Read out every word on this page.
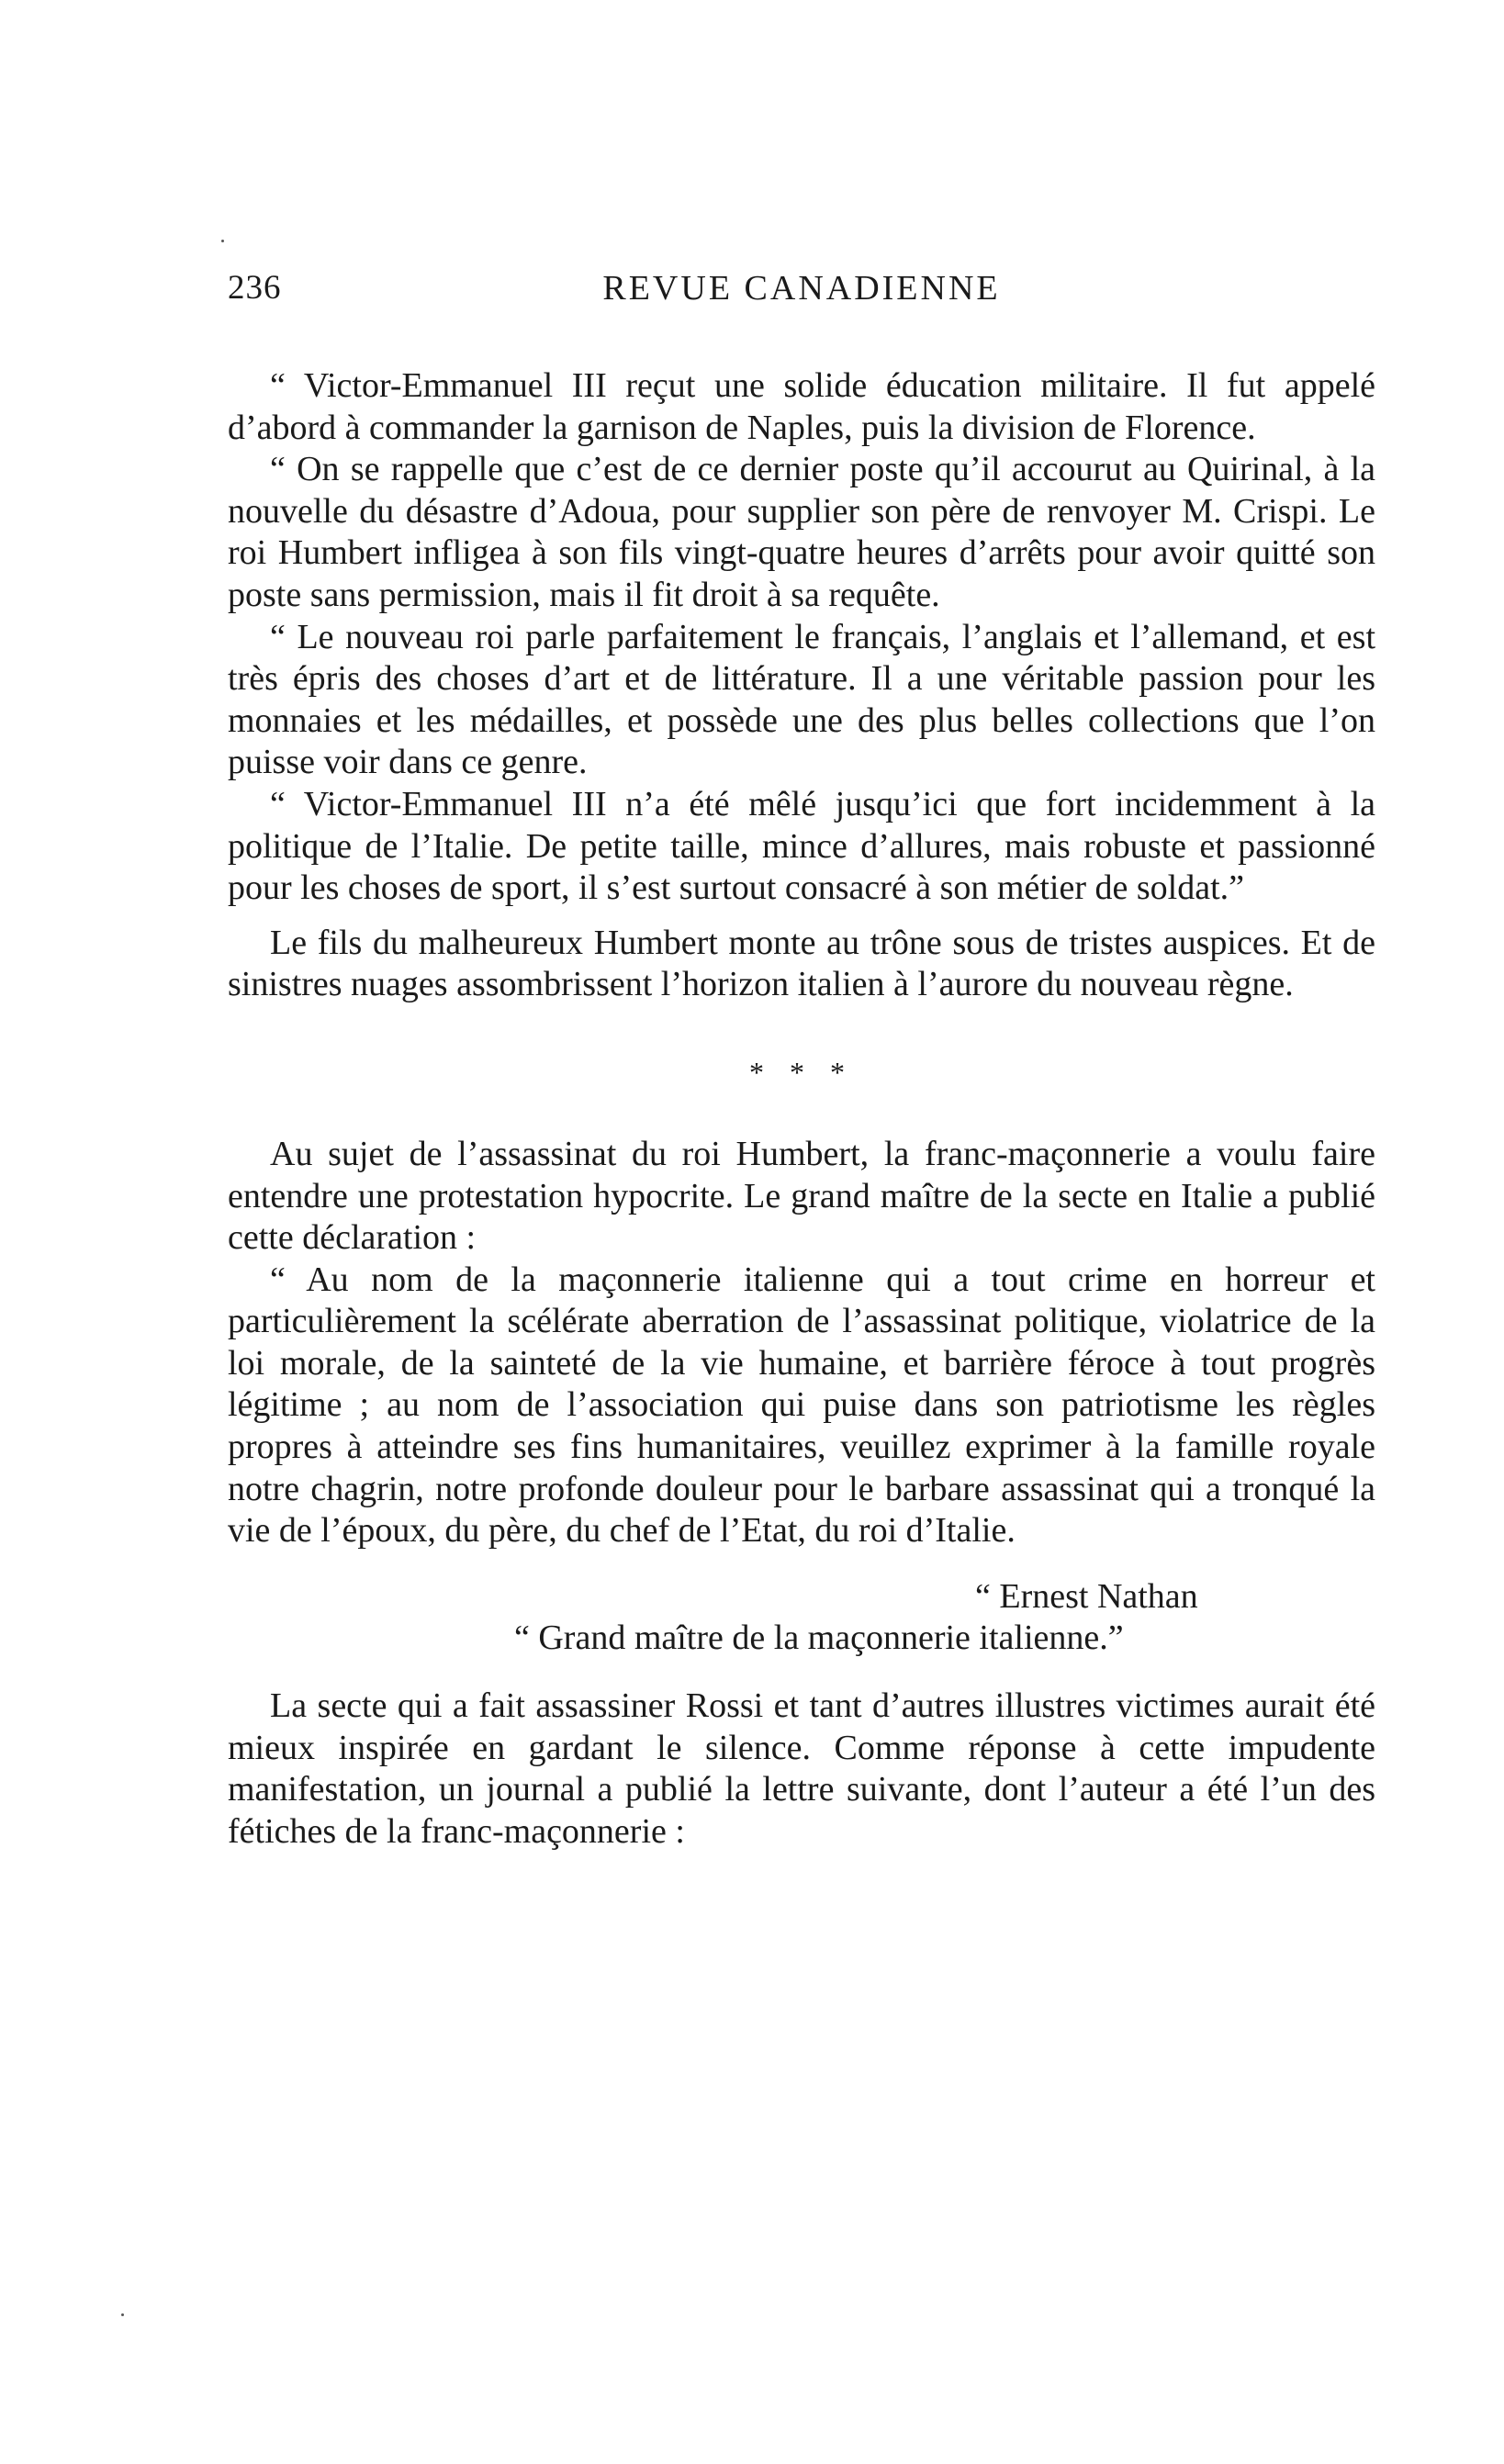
236	REVUE CANADIENNE

“ Victor-Emmanuel III reçut une solide éducation militaire. Il fut appelé d’abord à commander la garnison de Naples, puis la division de Florence.

“ On se rappelle que c’est de ce dernier poste qu’il accourut au Quirinal, à la nouvelle du désastre d’Adoua, pour supplier son père de renvoyer M. Crispi. Le roi Humbert infligea à son fils vingt-quatre heures d’arrêts pour avoir quitté son poste sans permission, mais il fit droit à sa requête.

“ Le nouveau roi parle parfaitement le français, l’anglais et l’allemand, et est très épris des choses d’art et de littérature. Il a une véritable passion pour les monnaies et les médailles, et possède une des plus belles collections que l’on puisse voir dans ce genre.

“ Victor-Emmanuel III n’a été mêlé jusqu’ici que fort incidemment à la politique de l’Italie. De petite taille, mince d’allures, mais robuste et passionné pour les choses de sport, il s’est surtout consacré à son métier de soldat.”

Le fils du malheureux Humbert monte au trône sous de tristes auspices. Et de sinistres nuages assombrissent l’horizon italien à l’aurore du nouveau règne.

* * *

Au sujet de l’assassinat du roi Humbert, la franc-maçonnerie a voulu faire entendre une protestation hypocrite. Le grand maître de la secte en Italie a publié cette déclaration :

“ Au nom de la maçonnerie italienne qui a tout crime en horreur et particulièrement la scélérate aberration de l’assassinat politique, violatrice de la loi morale, de la sainteté de la vie humaine, et barrière féroce à tout progrès légitime ; au nom de l’association qui puise dans son patriotisme les règles propres à atteindre ses fins humanitaires, veuillez exprimer à la famille royale notre chagrin, notre profonde douleur pour le barbare assassinat qui a tronqué la vie de l’époux, du père, du chef de l’Etat, du roi d’Italie.

“ Ernest Nathan
“ Grand maître de la maçonnerie italienne.”

La secte qui a fait assassiner Rossi et tant d’autres illustres victimes aurait été mieux inspirée en gardant le silence. Comme réponse à cette impudente manifestation, un journal a publié la lettre suivante, dont l’auteur a été l’un des fétiches de la franc-maçonnerie :
